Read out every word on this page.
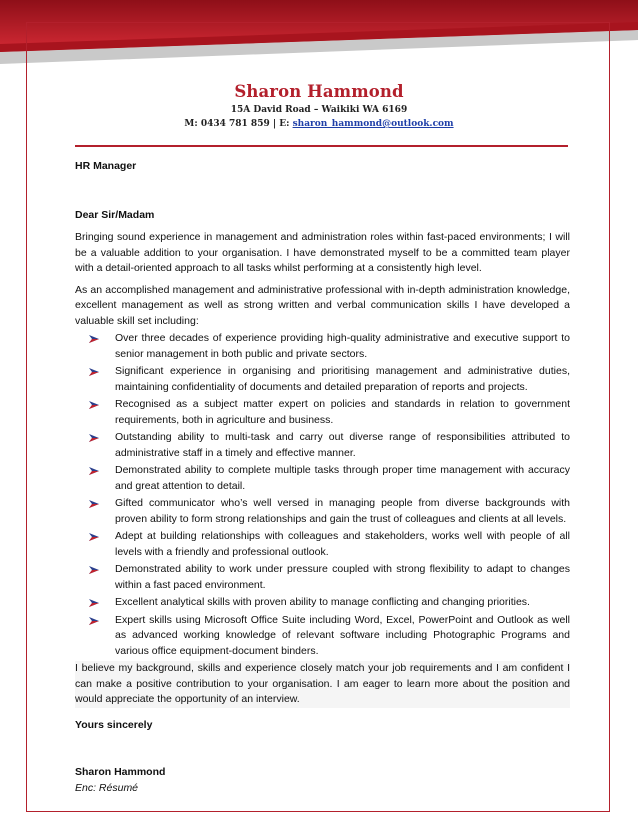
Sharon Hammond
15A David Road – Waikiki WA 6169
M: 0434 781 859 | E: sharon_hammond@outlook.com
HR Manager
Dear Sir/Madam

Bringing sound experience in management and administration roles within fast-paced environments; I will be a valuable addition to your organisation. I have demonstrated myself to be a committed team player with a detail-oriented approach to all tasks whilst performing at a consistently high level.

As an accomplished management and administrative professional with in-depth administration knowledge, excellent management as well as strong written and verbal communication skills I have developed a valuable skill set including:

Over three decades of experience providing high-quality administrative and executive support to senior management in both public and private sectors.
Significant experience in organising and prioritising management and administrative duties, maintaining confidentiality of documents and detailed preparation of reports and projects.
Recognised as a subject matter expert on policies and standards in relation to government requirements, both in agriculture and business.
Outstanding ability to multi-task and carry out diverse range of responsibilities attributed to administrative staff in a timely and effective manner.
Demonstrated ability to complete multiple tasks through proper time management with accuracy and great attention to detail.
Gifted communicator who’s well versed in managing people from diverse backgrounds with proven ability to form strong relationships and gain the trust of colleagues and clients at all levels.
Adept at building relationships with colleagues and stakeholders, works well with people of all levels with a friendly and professional outlook.
Demonstrated ability to work under pressure coupled with strong flexibility to adapt to changes within a fast paced environment.
Excellent analytical skills with proven ability to manage conflicting and changing priorities.
Expert skills using Microsoft Office Suite including Word, Excel, PowerPoint and Outlook as well as advanced working knowledge of relevant software including Photographic Programs and various office equipment-document binders.
I believe my background, skills and experience closely match your job requirements and I am confident I can make a positive contribution to your organisation. I am eager to learn more about the position and would appreciate the opportunity of an interview.
Yours sincerely
Sharon Hammond
Enc: Résumé
